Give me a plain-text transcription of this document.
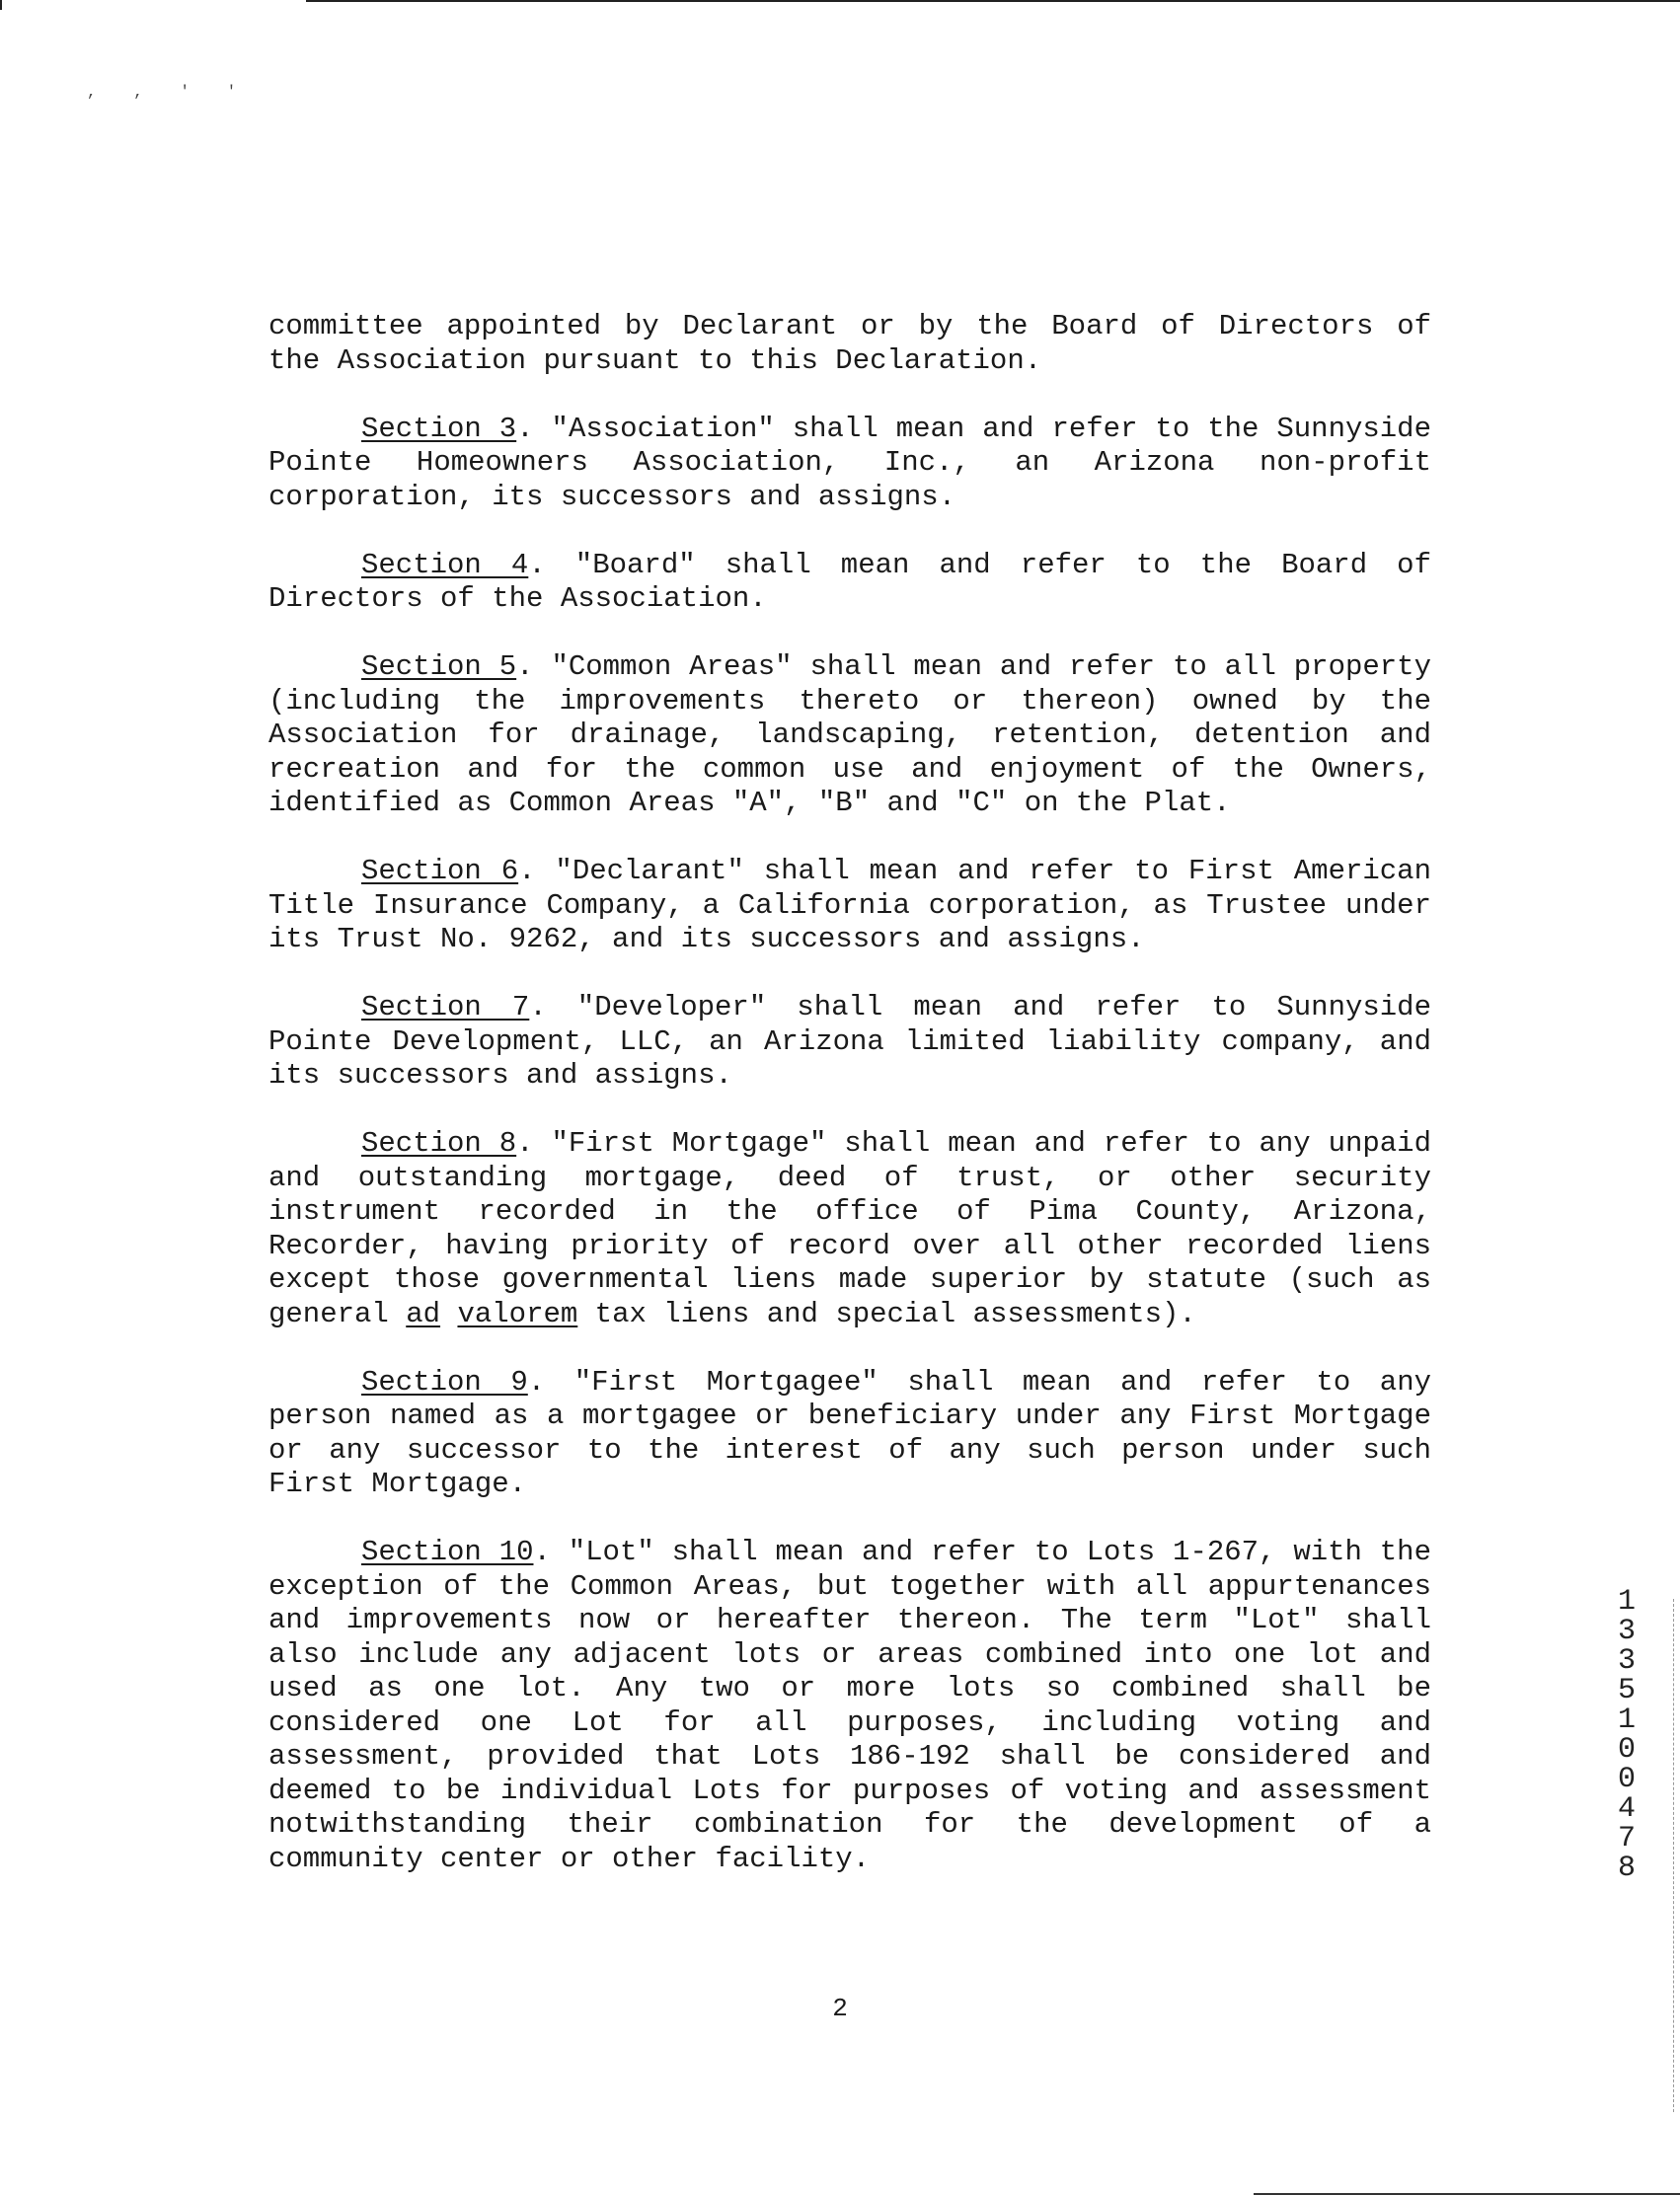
, , ' '

committee appointed by Declarant or by the Board of Directors of the Association pursuant to this Declaration.

Section 3. "Association" shall mean and refer to the Sunnyside Pointe Homeowners Association, Inc., an Arizona non-profit corporation, its successors and assigns.

Section 4. "Board" shall mean and refer to the Board of Directors of the Association.

Section 5. "Common Areas" shall mean and refer to all property (including the improvements thereto or thereon) owned by the Association for drainage, landscaping, retention, detention and recreation and for the common use and enjoyment of the Owners, identified as Common Areas "A", "B" and "C" on the Plat.

Section 6. "Declarant" shall mean and refer to First American Title Insurance Company, a California corporation, as Trustee under its Trust No. 9262, and its successors and assigns.

Section 7. "Developer" shall mean and refer to Sunnyside Pointe Development, LLC, an Arizona limited liability company, and its successors and assigns.

Section 8. "First Mortgage" shall mean and refer to any unpaid and outstanding mortgage, deed of trust, or other security instrument recorded in the office of Pima County, Arizona, Recorder, having priority of record over all other recorded liens except those governmental liens made superior by statute (such as general ad valorem tax liens and special assessments).

Section 9. "First Mortgagee" shall mean and refer to any person named as a mortgagee or beneficiary under any First Mortgage or any successor to the interest of any such person under such First Mortgage.

Section 10. "Lot" shall mean and refer to Lots 1-267, with the exception of the Common Areas, but together with all appurtenances and improvements now or hereafter thereon. The term "Lot" shall also include any adjacent lots or areas combined into one lot and used as one lot. Any two or more lots so combined shall be considered one Lot for all purposes, including voting and assessment, provided that Lots 186-192 shall be considered and deemed to be individual Lots for purposes of voting and assessment notwithstanding their combination for the development of a community center or other facility.

2
1
3
3
5
1
0
0
4
7
8
